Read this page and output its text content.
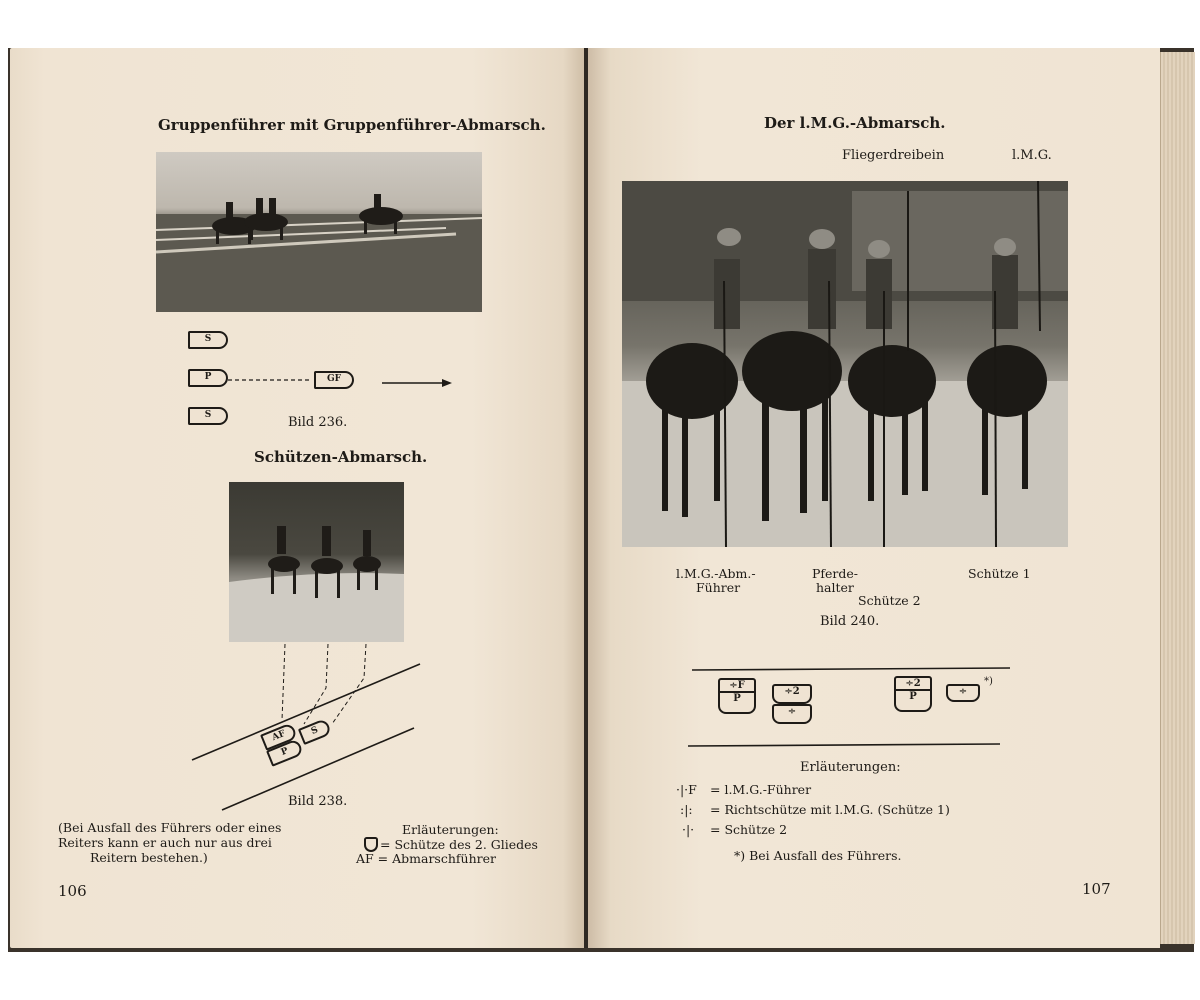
Gruppenführer mit Gruppenführer-Abmarsch.
S
P	GF
S	Bild 236.
Schützen-Abmarsch.
AF
P
S
Bild 238.
(Bei Ausfall des Führers oder eines
Reiters kann er auch nur aus drei
Reitern bestehen.)
Erläuterungen:
= Schütze des 2. Gliedes
AF = Abmarschführer
106
Der l.M.G.-Abmarsch.
Fliegerdreibein	l.M.G.
l.M.G.-Abm.-
Führer
Pferde-
halter
Schütze 2
Schütze 1
Bild 240.
÷F
P
÷2
÷
÷2
P	÷
*)
Erläuterungen:
·|·F = l.M.G.-Führer
:|: = Richtschütze mit l.M.G. (Schütze 1)
·|· = Schütze 2
*) Bei Ausfall des Führers.
107
